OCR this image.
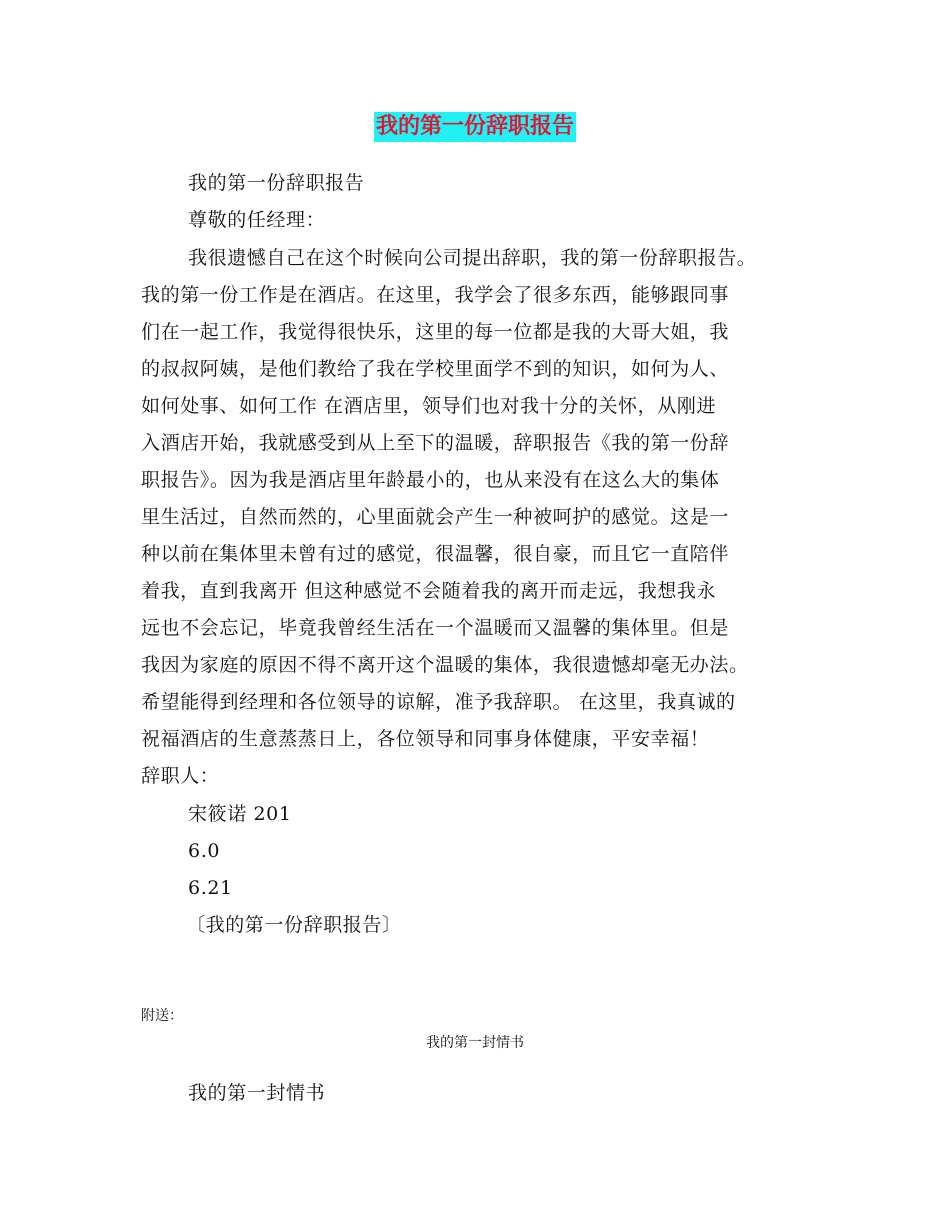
我的第一份辞职报告
我的第一份辞职报告
尊敬的任经理：
我很遗憾自己在这个时候向公司提出辞职，我的第一份辞职报告。
我的第一份工作是在酒店。在这里，我学会了很多东西，能够跟同事
们在一起工作，我觉得很快乐，这里的每一位都是我的大哥大姐，我
的叔叔阿姨，是他们教给了我在学校里面学不到的知识，如何为人、
如何处事、如何工作 在酒店里，领导们也对我十分的关怀，从刚进
入酒店开始，我就感受到从上至下的温暖，辞职报告《我的第一份辞
职报告》。因为我是酒店里年龄最小的，也从来没有在这么大的集体
里生活过，自然而然的，心里面就会产生一种被呵护的感觉。这是一
种以前在集体里未曾有过的感觉，很温馨，很自豪，而且它一直陪伴
着我，直到我离开 但这种感觉不会随着我的离开而走远，我想我永
远也不会忘记，毕竟我曾经生活在一个温暖而又温馨的集体里。但是
我因为家庭的原因不得不离开这个温暖的集体，我很遗憾却毫无办法。
希望能得到经理和各位领导的谅解，准予我辞职。 在这里，我真诚的
祝福酒店的生意蒸蒸日上，各位领导和同事身体健康，平安幸福！
辞职人：
宋筱诺 201
6.0
6.21
〔我的第一份辞职报告〕
附送：
我的第一封情书
我的第一封情书
